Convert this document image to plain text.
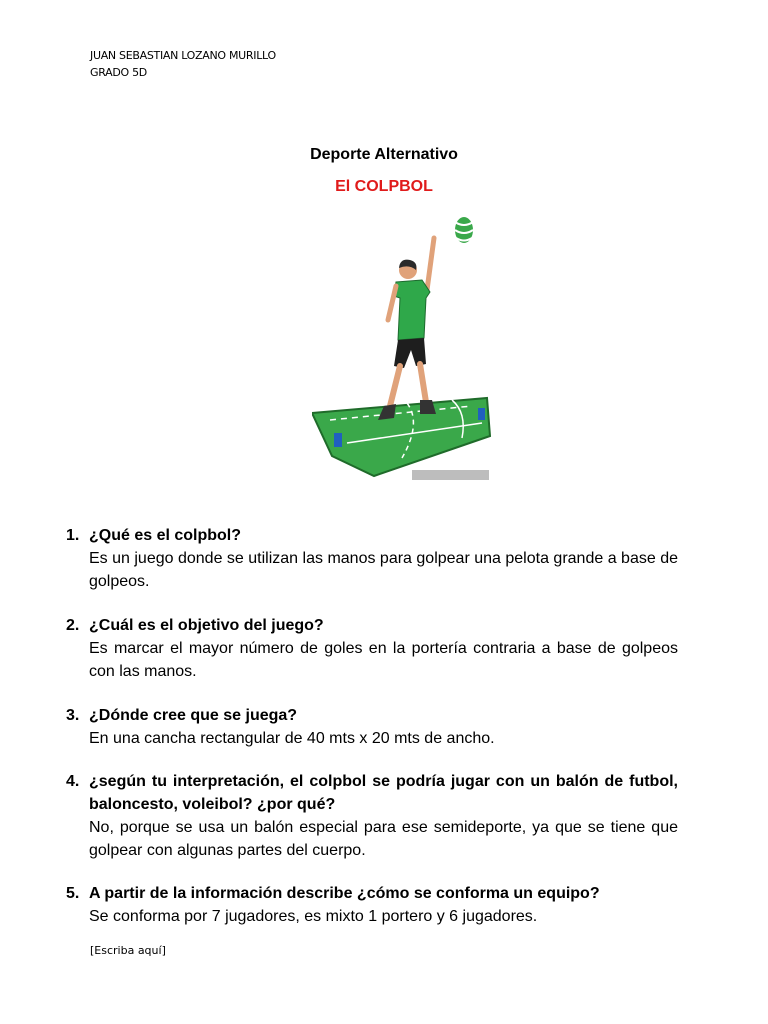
JUAN SEBASTIAN LOZANO MURILLO
GRADO 5D
Deporte Alternativo
El COLPBOL
1. ¿Qué es el colpbol?
Es un juego donde se utilizan las manos para golpear una pelota grande a base de golpeos.
2. ¿Cuál es el objetivo del juego?
Es marcar el mayor número de goles en la portería contraria a base de golpeos con las manos.
3. ¿Dónde cree que se juega?
En una cancha rectangular de 40 mts x 20 mts de ancho.
4. ¿según tu interpretación, el colpbol se podría jugar con un balón de futbol, baloncesto, voleibol? ¿por qué?
No, porque se usa un balón especial para ese semideporte, ya que se tiene que golpear con algunas partes del cuerpo.
5. A partir de la información describe ¿cómo se conforma un equipo?
Se conforma por 7 jugadores, es mixto 1 portero y 6 jugadores.
[Escriba aquí]
